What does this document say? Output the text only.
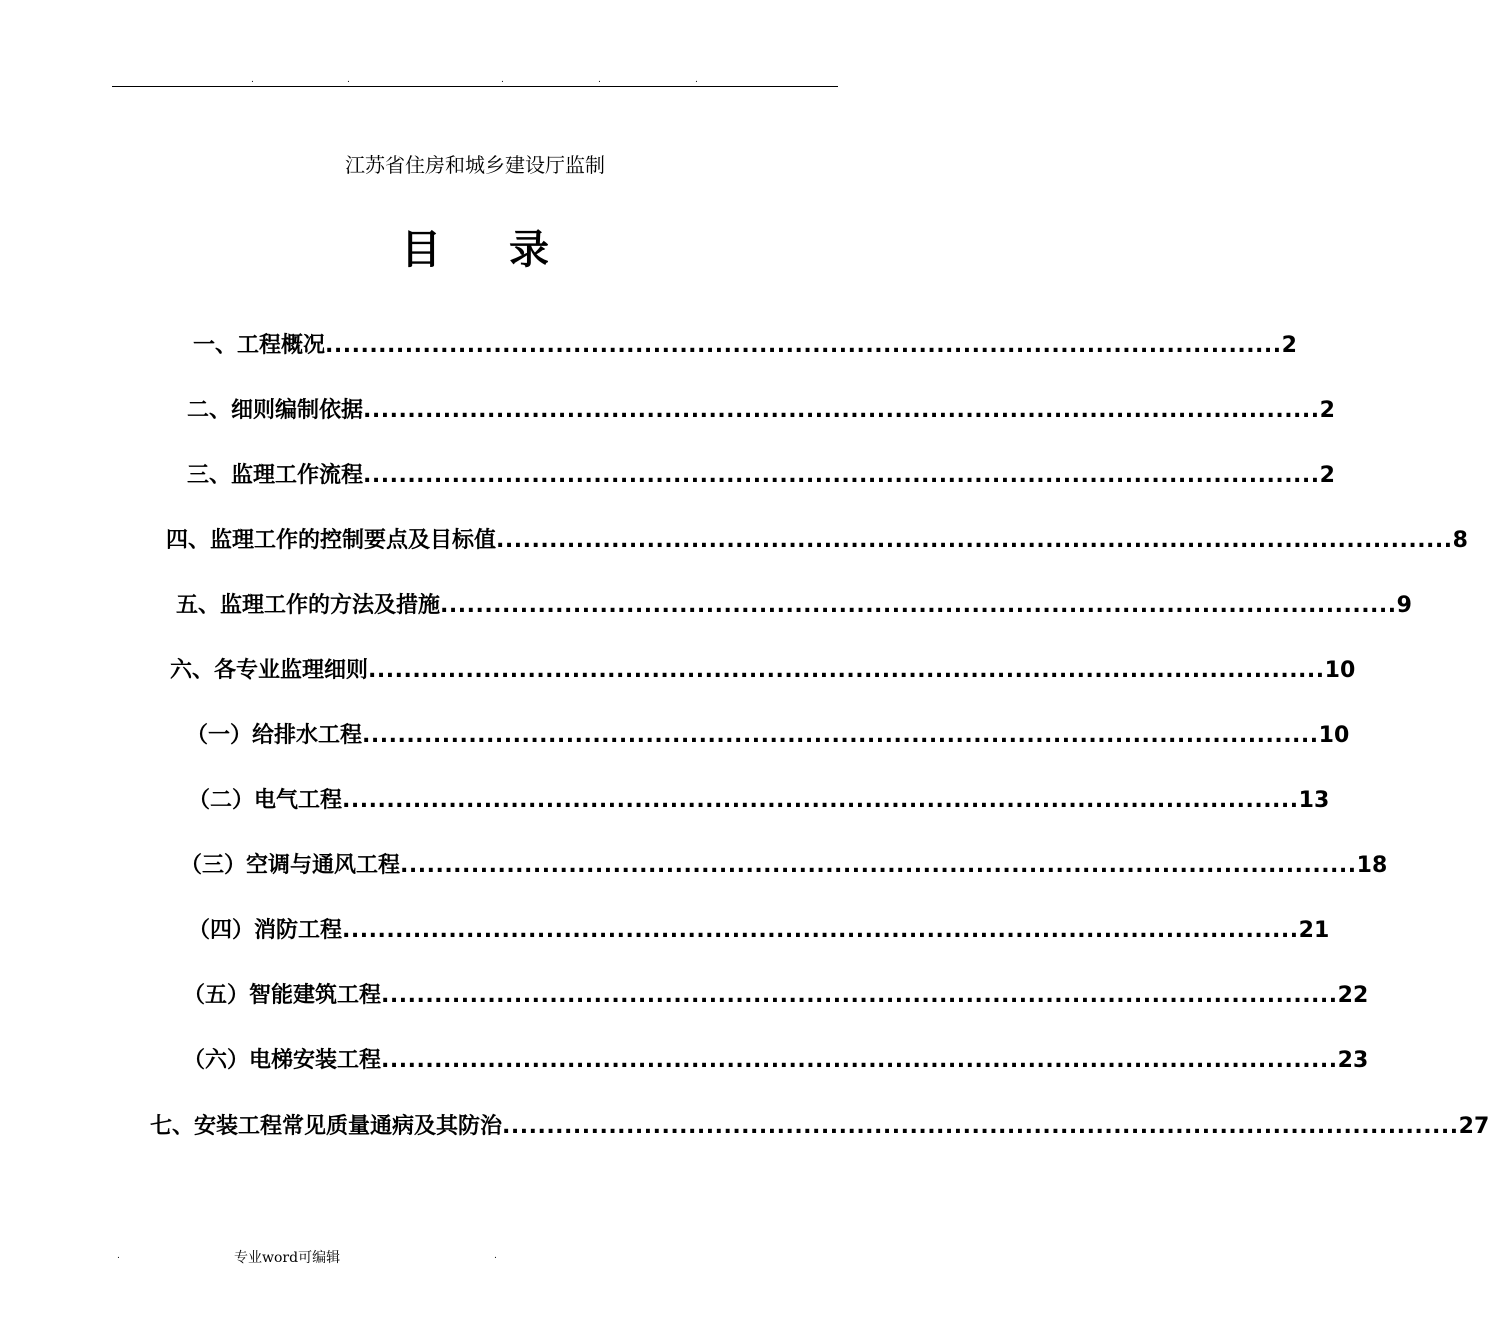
.	.	.	.	.
江苏省住房和城乡建设厅监制
目录
一、 工程概况 ............................................................................................................ 2
二、 细则编制依据 ............................................................................................................ 2
三、 监理工作流程 ............................................................................................................ 2
四、 监理工作的控制要点及目标值 ............................................................................................................ 8
五、 监理工作的方法及措施 ............................................................................................................ 9
六、 各专业监理细则 ............................................................................................................ 10
（一） 给排水工程 ............................................................................................................ 10
（二） 电气工程 ............................................................................................................ 13
（三） 空调与通风工程 ............................................................................................................ 18
（四） 消防工程 ............................................................................................................ 21
（五） 智能建筑工程 ............................................................................................................ 22
（六） 电梯安装工程 ............................................................................................................ 23
七、 安装工程常见质量通病及其防治 ............................................................................................................ 27
.	专业word可编辑	.
